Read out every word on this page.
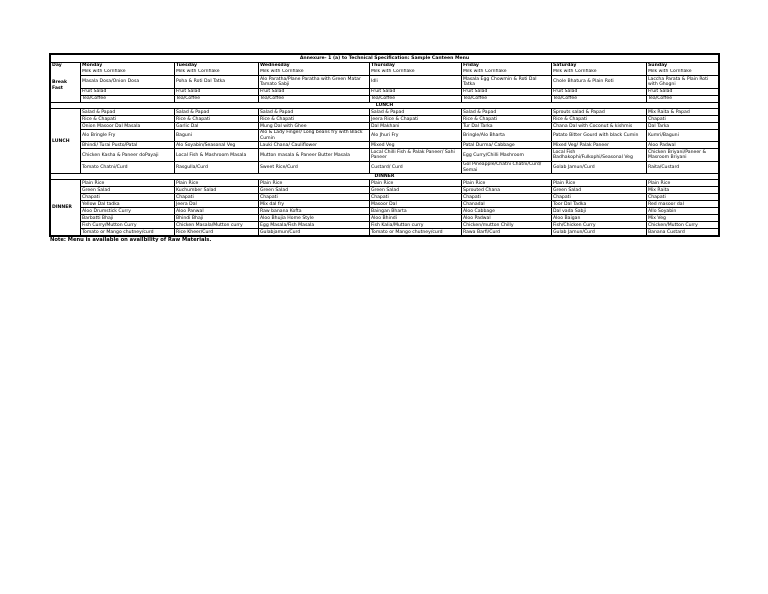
Annexure- 1 (a) to Technical Specification: Sample Canteen Menu							
Day	Monday	Tuesday	Wednesday	Thursday	Friday	Saturday	Sunday
Break Fast	Milk with Cornflake	Milk with Cornflake	Milk with Cornflake	Milk with Cornflake	Milk with Cornflake	Milk with Cornflake	Milk with Cornflake
	Masala Dosa/Onion Dosa	Poha & Roti Dal Tatka	Alo Paratha/Plane Paratha with Green Matar Tamato Sabji	Idli	Masala Egg Chowmin & Roti Dal Tatka	Chole Bhatura & Plain Roti	Laccha Parata & Plain Roti with Ghogni
	Fruit Salad	Fruit Salad	Fruit Salad	Fruit Salad	Fruit Salad	Fruit Salad	Fruit Salad
	Tea/Coffee	Tea/Coffee	Tea/Coffee	Tea/Coffee	Tea/Coffee	Tea/Coffee	Tea/Coffee
LUNCH							
LUNCH	Salad & Papad	Salad & Papad	Salad & Papad	Salad & Papad	Salad & Papad	Sprouts salad & Papad	Mix Raita & Papad
	Rice & Chapati	Rice & Chapati	Rice & Chapati	Jeera Rice & Chapati	Rice & Chapati	Rice & Chapati	Chapati
	Onion Masoor Dal Masala	Garlic Dal	Mung Dal with Ghee	Dal Makhani	Tur Dal Tarka	Chana Dal with Coconut & kishmis	Dal Tarka
	Alo Bringle Fry	Baguni	Alo & Lady Finger/ Long beans fry with Black Cumin	Alo Jhuri Fry	Bringle/Alo Bharta	Patato Bitter Gourd with black Cumin	Kumri/Baguni
	Bhindi/ Turai Pusto/Patal	Alo Soyabin/Seasonal Veg	Lauki Chana/ Cauliflower	Mixed Veg	Patal Durma/ Cabbage	Mixed Veg/ Palak Paneer	Aloo Padwal
	Chicken Kasha & Paneer doPayaji	Local Fish & Mashroom Masala	Mutton masala & Paneer Butter Masala	Local Chilli Fish & Palak Paneer/ Sahi Paneer	Egg Curry/Chilli Mashroom	Local Fish Badhakophi/Fulkophi/Seasonal Veg	Chicken Briyani/Paneer & Masroom Briyani
	Tomato Chatni/Curd	Rasgulla/Curd	Sweet Rice/Curd	Custard/ Curd	Gol Pineapple/Chatni Chatni/Curd/ Semai	Golab Jamun/Curd	Raita/Custard
DINNER							
DINNER	Plain Rice	Plain Rice	Plain Rice	Plain Rice	Plain Rice	Plain Rice	Plain Rice
	Green Salad	Kuchumber Salad	Green Salad	Green Salad	Sprouted Chana	Green Salad	Mix Raita
	Chapati	Chapati	Chapati	Chapati	Chapati	Chapati	Chapati
	Yellow Dal tadka	Jeera Dal	Mix dal fry	Masoor Dal	Chanadal	Toor Dal Tadka	Red masoor dal
	Aloo Drumstick Curry	Aloo Panwal	Raw banana Kofta	Baingan Bharta	Aloo Cabbage	Dal vada Sabji	Allo Soyabin
	Barbatti Bhaji	Bhindi Bhaji	Aloo Bhujia Home Style	Aloo Bhindi	Aloo Padwal	Aloo Baigan	Mix Veg
	Fish Curry/Mutton Curry	Chicken Masala/Mutton curry	Egg Masala/Fish Masala	Fish Kalia/Mutton curry	Chicken/mutton Chilly	Fish/Chicken Curry	Chicken/Mutton Curry
	Tomato or Mango chutney/curd	Rice Kheer/Curd	Gulabjamun/Curd	Tomato or Mango chutney/curd	Rawa Barfi/Curd	Gulab Jamun/Curd	Banana Custard
Note: Menu is available on availbility of Raw Materials.
